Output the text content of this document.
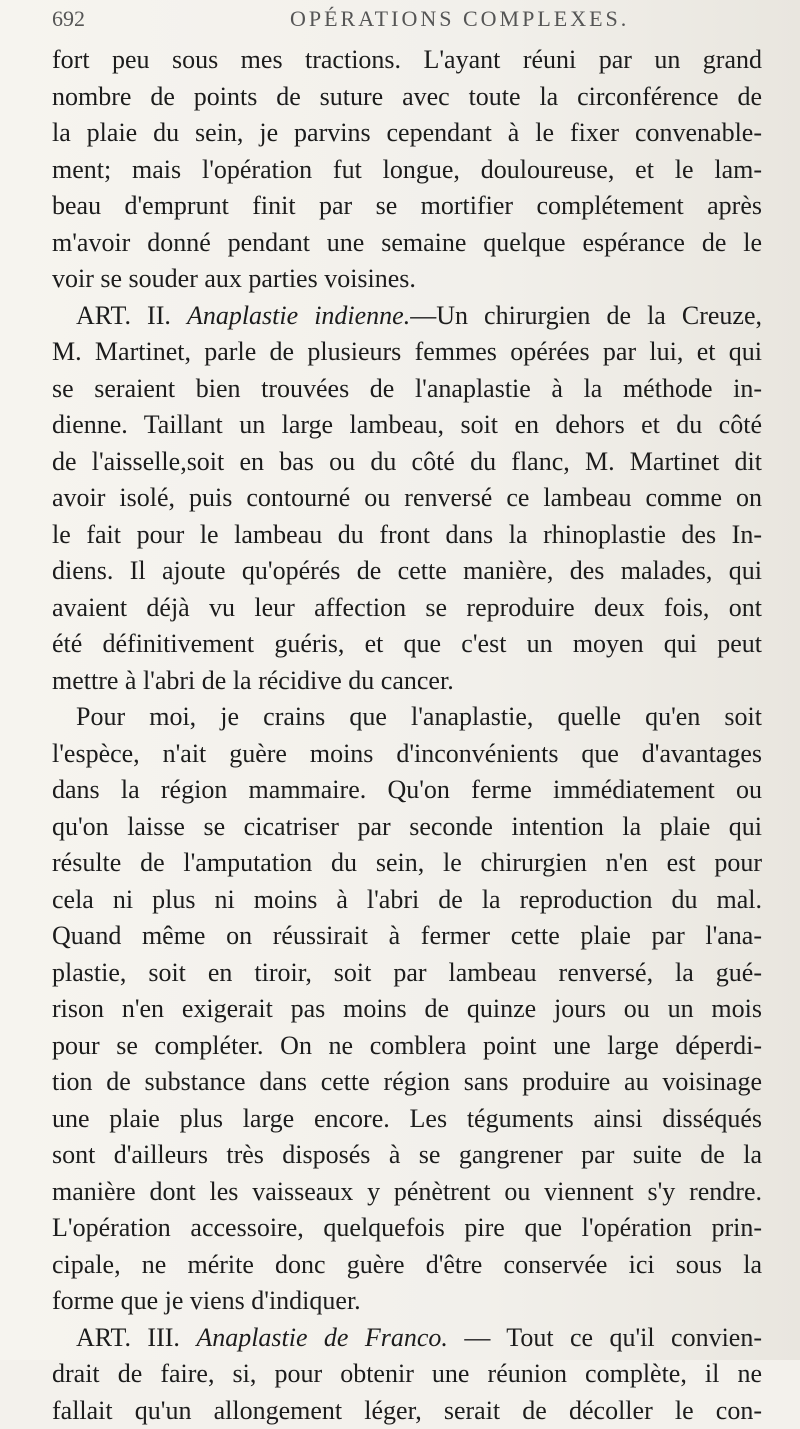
692	OPÉRATIONS COMPLEXES.
fort peu sous mes tractions. L'ayant réuni par un grand
nombre de points de suture avec toute la circonférence de
la plaie du sein, je parvins cependant à le fixer convenable-
ment; mais l'opération fut longue, douloureuse, et le lam-
beau d'emprunt finit par se mortifier complétement après
m'avoir donné pendant une semaine quelque espérance de le
voir se souder aux parties voisines.
ART. II. Anaplastie indienne.—Un chirurgien de la Creuze,
M. Martinet, parle de plusieurs femmes opérées par lui, et qui
se seraient bien trouvées de l'anaplastie à la méthode in-
dienne. Taillant un large lambeau, soit en dehors et du côté
de l'aisselle,soit en bas ou du côté du flanc, M. Martinet dit
avoir isolé, puis contourné ou renversé ce lambeau comme on
le fait pour le lambeau du front dans la rhinoplastie des In-
diens. Il ajoute qu'opérés de cette manière, des malades, qui
avaient déjà vu leur affection se reproduire deux fois, ont
été définitivement guéris, et que c'est un moyen qui peut
mettre à l'abri de la récidive du cancer.
Pour moi, je crains que l'anaplastie, quelle qu'en soit
l'espèce, n'ait guère moins d'inconvénients que d'avantages
dans la région mammaire. Qu'on ferme immédiatement ou
qu'on laisse se cicatriser par seconde intention la plaie qui
résulte de l'amputation du sein, le chirurgien n'en est pour
cela ni plus ni moins à l'abri de la reproduction du mal.
Quand même on réussirait à fermer cette plaie par l'ana-
plastie, soit en tiroir, soit par lambeau renversé, la gué-
rison n'en exigerait pas moins de quinze jours ou un mois
pour se compléter. On ne comblera point une large déperdi-
tion de substance dans cette région sans produire au voisinage
une plaie plus large encore. Les téguments ainsi disséqués
sont d'ailleurs très disposés à se gangrener par suite de la
manière dont les vaisseaux y pénètrent ou viennent s'y rendre.
L'opération accessoire, quelquefois pire que l'opération prin-
cipale, ne mérite donc guère d'être conservée ici sous la
forme que je viens d'indiquer.
ART. III. Anaplastie de Franco. — Tout ce qu'il convien-
drait de faire, si, pour obtenir une réunion complète, il ne
fallait qu'un allongement léger, serait de décoller le con-
